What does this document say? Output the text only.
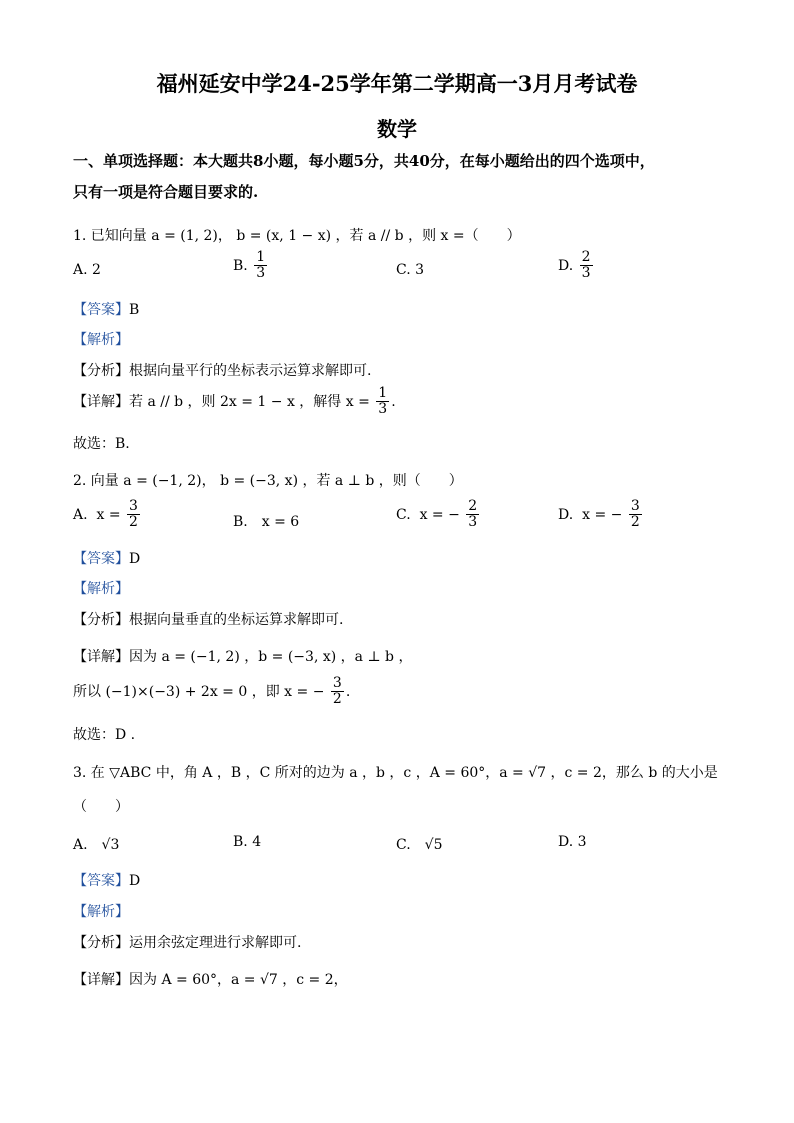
福州延安中学24-25学年第二学期高一3月月考试卷
数学
一、单项选择题：本大题共8小题，每小题5分，共40分，在每小题给出的四个选项中，
只有一项是符合题目要求的.
1. 已知向量 a = (1, 2)， b = (x, 1 − x) ，若 a // b ，则 x =（　　）
A. 2	B. $\frac{1}{3}$	C. 3	D. $\frac{2}{3}$
【答案】B
【解析】
【分析】根据向量平行的坐标表示运算求解即可.
【详解】若 a // b ，则 2x = 1 − x ，解得 $x = \frac{1}{3}$ .
故选：B.
2. 向量 a = (−1, 2)， b = (−3, x) ，若 a ⊥ b ，则（　　）
A. $x = \frac{3}{2}$	B.　x = 6	C. x = − $\frac{2}{3}$	D. x = − $\frac{3}{2}$
【答案】D
【解析】
【分析】根据向量垂直的坐标运算求解即可.
【详解】因为 a = (−1, 2) ，b = (−3, x) ，a ⊥ b ，
所以 (−1)×(−3) + 2x = 0 ，即 x = − $\frac{3}{2}$ .
故选：D .
3. 在 ▽ABC 中，角 A ，B ，C 所对的边为 a ，b ，c ，A = 60°，a = √7 ，c = 2，那么 b 的大小是
（　　）
A.　√3	B. 4	C.　√5	D. 3
【答案】D
【解析】
【分析】运用余弦定理进行求解即可.
【详解】因为 A = 60°，a = √7 ，c = 2，
